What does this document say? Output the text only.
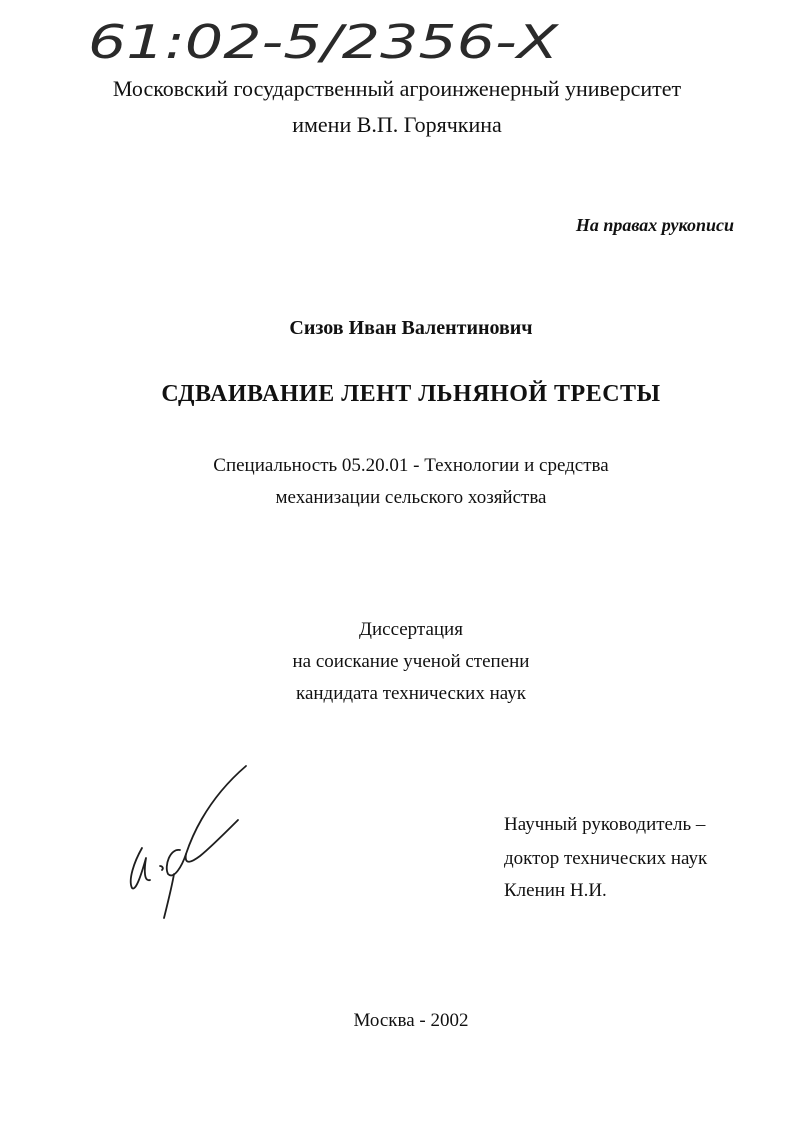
61:02-5/2356-Х
Московский государственный агроинженерный университет
имени В.П. Горячкина
На правах рукописи
Сизов Иван Валентинович
СДВАИВАНИЕ ЛЕНТ ЛЬНЯНОЙ ТРЕСТЫ
Специальность 05.20.01 - Технологии и средства
механизации сельского хозяйства
Диссертация
на соискание ученой степени
кандидата технических наук
Научный руководитель –
доктор технических наук
Кленин Н.И.
Москва - 2002
